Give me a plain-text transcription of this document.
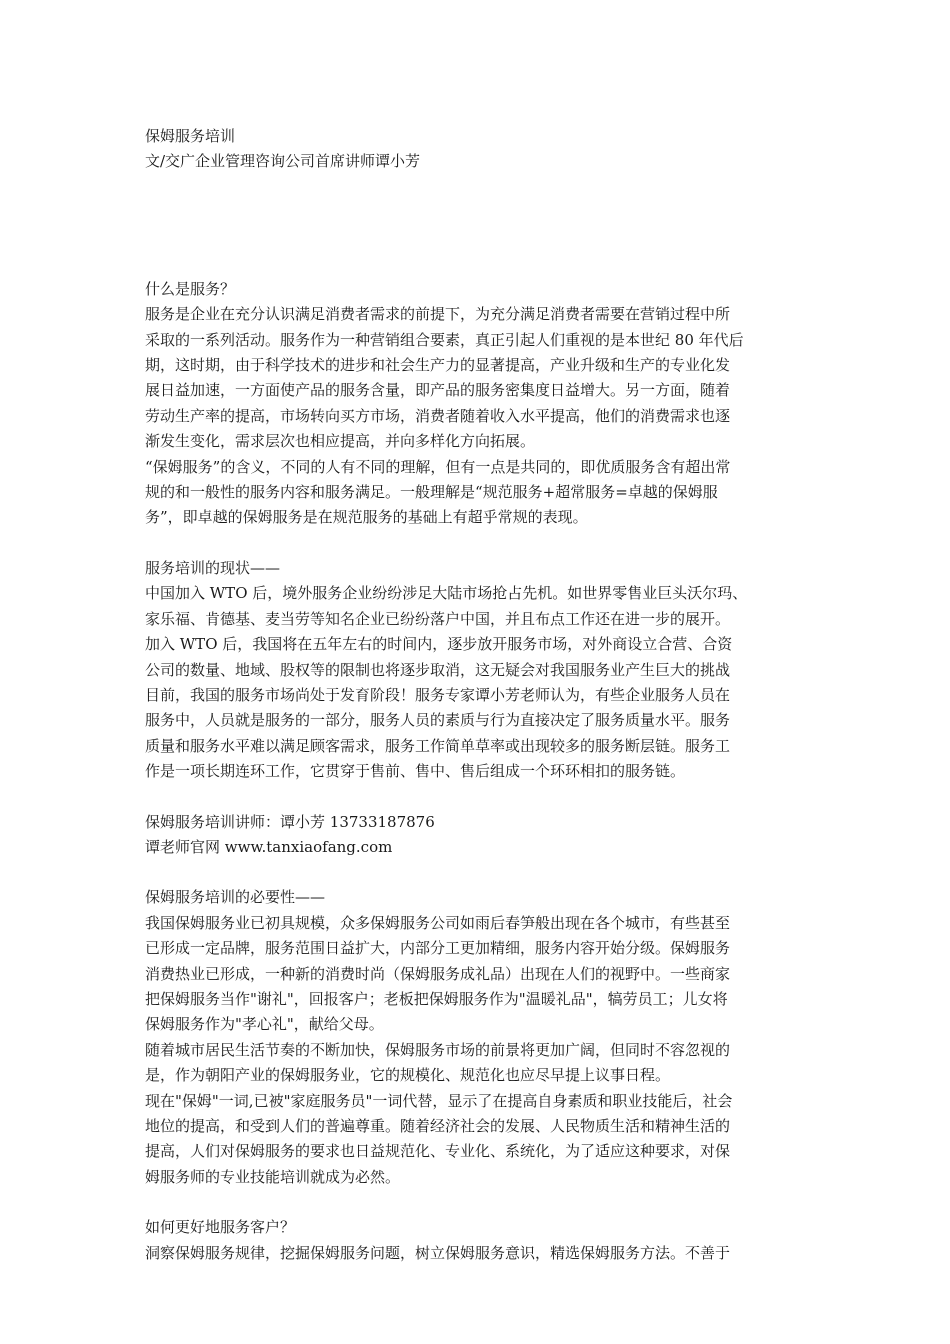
保姆服务培训
文/交广企业管理咨询公司首席讲师谭小芳
什么是服务？
服务是企业在充分认识满足消费者需求的前提下，为充分满足消费者需要在营销过程中所
采取的一系列活动。服务作为一种营销组合要素，真正引起人们重视的是本世纪 80 年代后
期，这时期，由于科学技术的进步和社会生产力的显著提高，产业升级和生产的专业化发
展日益加速，一方面使产品的服务含量，即产品的服务密集度日益增大。另一方面，随着
劳动生产率的提高，市场转向买方市场，消费者随着收入水平提高，他们的消费需求也逐
渐发生变化，需求层次也相应提高，并向多样化方向拓展。
“保姆服务”的含义，不同的人有不同的理解，但有一点是共同的，即优质服务含有超出常
规的和一般性的服务内容和服务满足。一般理解是“规范服务+超常服务=卓越的保姆服
务”，即卓越的保姆服务是在规范服务的基础上有超乎常规的表现。
服务培训的现状——
中国加入 WTO 后，境外服务企业纷纷涉足大陆市场抢占先机。如世界零售业巨头沃尔玛、
家乐福、肯德基、麦当劳等知名企业已纷纷落户中国，并且布点工作还在进一步的展开。
加入 WTO 后，我国将在五年左右的时间内，逐步放开服务市场，对外商设立合营、合资
公司的数量、地域、股权等的限制也将逐步取消，这无疑会对我国服务业产生巨大的挑战
目前，我国的服务市场尚处于发育阶段！服务专家谭小芳老师认为，有些企业服务人员在
服务中，人员就是服务的一部分，服务人员的素质与行为直接决定了服务质量水平。服务
质量和服务水平难以满足顾客需求，服务工作简单草率或出现较多的服务断层链。服务工
作是一项长期连环工作，它贯穿于售前、售中、售后组成一个环环相扣的服务链。
保姆服务培训讲师：谭小芳 13733187876
谭老师官网 www.tanxiaofang.com
保姆服务培训的必要性——
我国保姆服务业已初具规模，众多保姆服务公司如雨后春笋般出现在各个城市，有些甚至
已形成一定品牌，服务范围日益扩大，内部分工更加精细，服务内容开始分级。保姆服务
消费热业已形成，一种新的消费时尚（保姆服务成礼品）出现在人们的视野中。一些商家
把保姆服务当作"谢礼"，回报客户；老板把保姆服务作为"温暖礼品"，犒劳员工；儿女将
保姆服务作为"孝心礼"，献给父母。
随着城市居民生活节奏的不断加快，保姆服务市场的前景将更加广阔，但同时不容忽视的
是，作为朝阳产业的保姆服务业，它的规模化、规范化也应尽早提上议事日程。
现在"保姆"一词,已被"家庭服务员"一词代替，显示了在提高自身素质和职业技能后，社会
地位的提高，和受到人们的普遍尊重。随着经济社会的发展、人民物质生活和精神生活的
提高，人们对保姆服务的要求也日益规范化、专业化、系统化，为了适应这种要求，对保
姆服务师的专业技能培训就成为必然。
如何更好地服务客户？
洞察保姆服务规律，挖掘保姆服务问题，树立保姆服务意识，精选保姆服务方法。不善于
